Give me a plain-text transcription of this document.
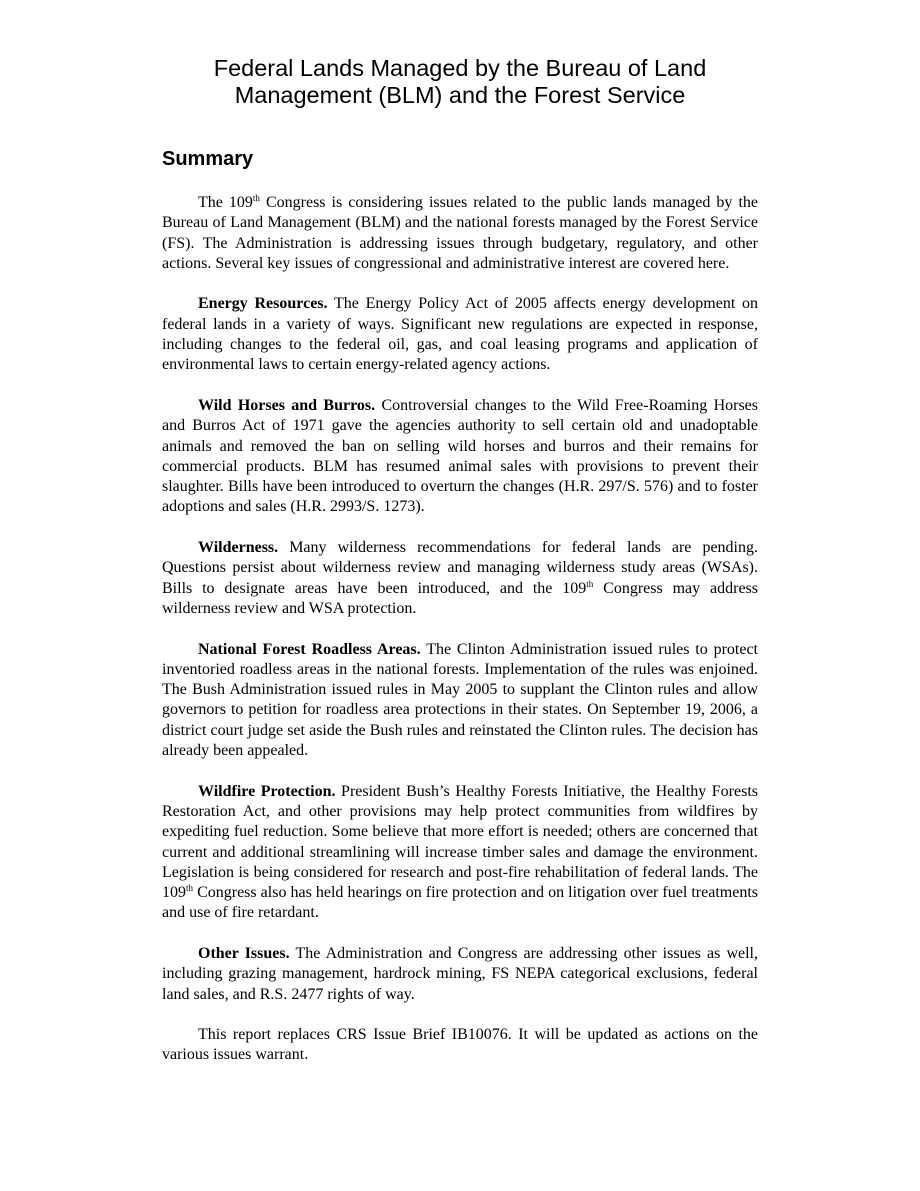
Federal Lands Managed by the Bureau of Land
Management (BLM) and the Forest Service
Summary

The 109th Congress is considering issues related to the public lands managed by the Bureau of Land Management (BLM) and the national forests managed by the Forest Service (FS). The Administration is addressing issues through budgetary, regulatory, and other actions. Several key issues of congressional and administrative interest are covered here.

Energy Resources. The Energy Policy Act of 2005 affects energy development on federal lands in a variety of ways. Significant new regulations are expected in response, including changes to the federal oil, gas, and coal leasing programs and application of environmental laws to certain energy-related agency actions.

Wild Horses and Burros. Controversial changes to the Wild Free-Roaming Horses and Burros Act of 1971 gave the agencies authority to sell certain old and unadoptable animals and removed the ban on selling wild horses and burros and their remains for commercial products. BLM has resumed animal sales with provisions to prevent their slaughter. Bills have been introduced to overturn the changes (H.R. 297/S. 576) and to foster adoptions and sales (H.R. 2993/S. 1273).

Wilderness. Many wilderness recommendations for federal lands are pending. Questions persist about wilderness review and managing wilderness study areas (WSAs). Bills to designate areas have been introduced, and the 109th Congress may address wilderness review and WSA protection.

National Forest Roadless Areas. The Clinton Administration issued rules to protect inventoried roadless areas in the national forests. Implementation of the rules was enjoined. The Bush Administration issued rules in May 2005 to supplant the Clinton rules and allow governors to petition for roadless area protections in their states. On September 19, 2006, a district court judge set aside the Bush rules and reinstated the Clinton rules. The decision has already been appealed.

Wildfire Protection. President Bush’s Healthy Forests Initiative, the Healthy Forests Restoration Act, and other provisions may help protect communities from wildfires by expediting fuel reduction. Some believe that more effort is needed; others are concerned that current and additional streamlining will increase timber sales and damage the environment. Legislation is being considered for research and post-fire rehabilitation of federal lands. The 109th Congress also has held hearings on fire protection and on litigation over fuel treatments and use of fire retardant.

Other Issues. The Administration and Congress are addressing other issues as well, including grazing management, hardrock mining, FS NEPA categorical exclusions, federal land sales, and R.S. 2477 rights of way.

This report replaces CRS Issue Brief IB10076. It will be updated as actions on the various issues warrant.
